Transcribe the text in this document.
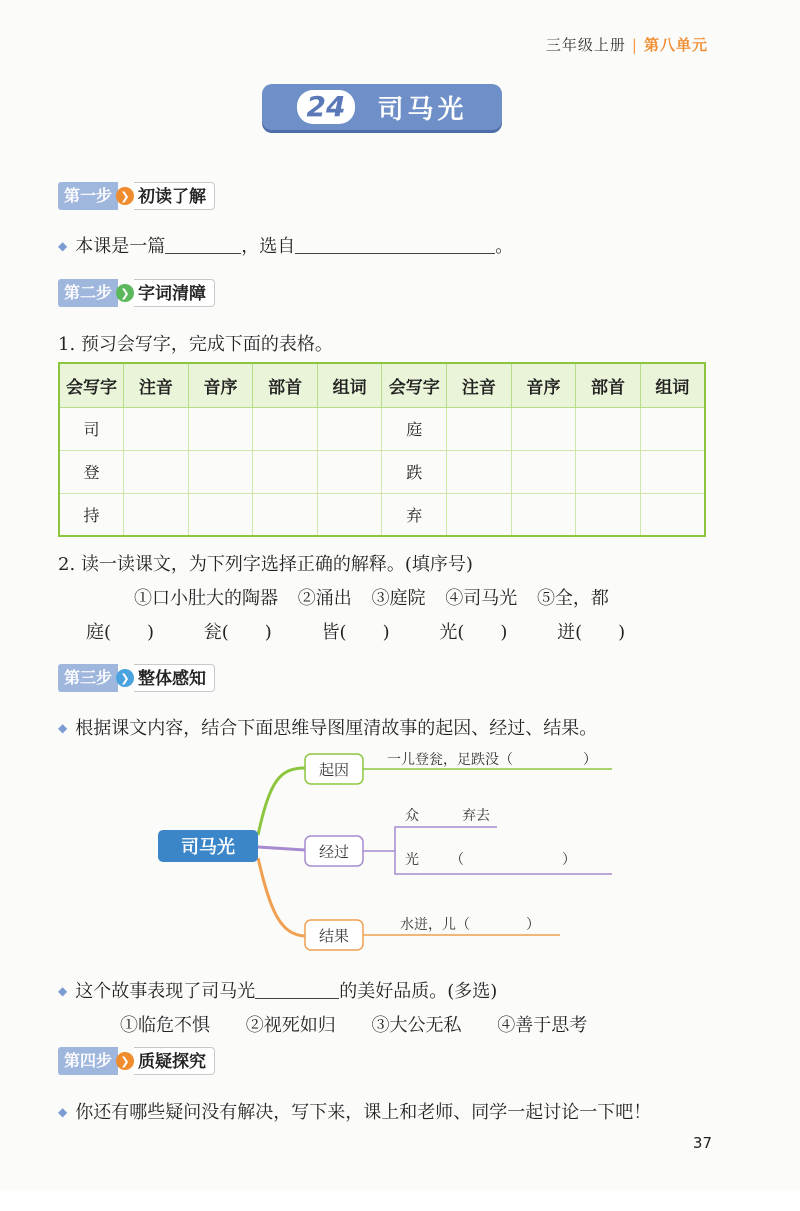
三年级上册 | 第八单元
24	司马光
第一步 ❯ 初读了解
◆ 本课是一篇	，选自	。
第二步 ❯ 字词清障
1. 预习会写字，完成下面的表格。
会写字	注音	音序	部首	组词	会写字	注音	音序	部首	组词
司					庭				
登					跌				
持					弃				
2. 读一读课文，为下列字选择正确的解释。(填序号)
①口小肚大的陶器 ②涌出 ③庭院 ④司马光 ⑤全，都
庭(　　)	瓮(　　)	皆(　　)	光(　　)	迸(　　)
第三步 ❯ 整体感知
◆ 根据课文内容，结合下面思维导图厘清故事的起因、经过、结果。
司马光
起因
一儿登瓮，足跌没（　　　　　）
经过
众	弃去
光 （　　　　　　　）
结果
水迸，儿（　　　　）
◆ 这个故事表现了司马光	的美好品质。(多选)
①临危不惧 ②视死如归 ③大公无私 ④善于思考
第四步 ❯ 质疑探究
◆ 你还有哪些疑问没有解决，写下来，课上和老师、同学一起讨论一下吧！
37
